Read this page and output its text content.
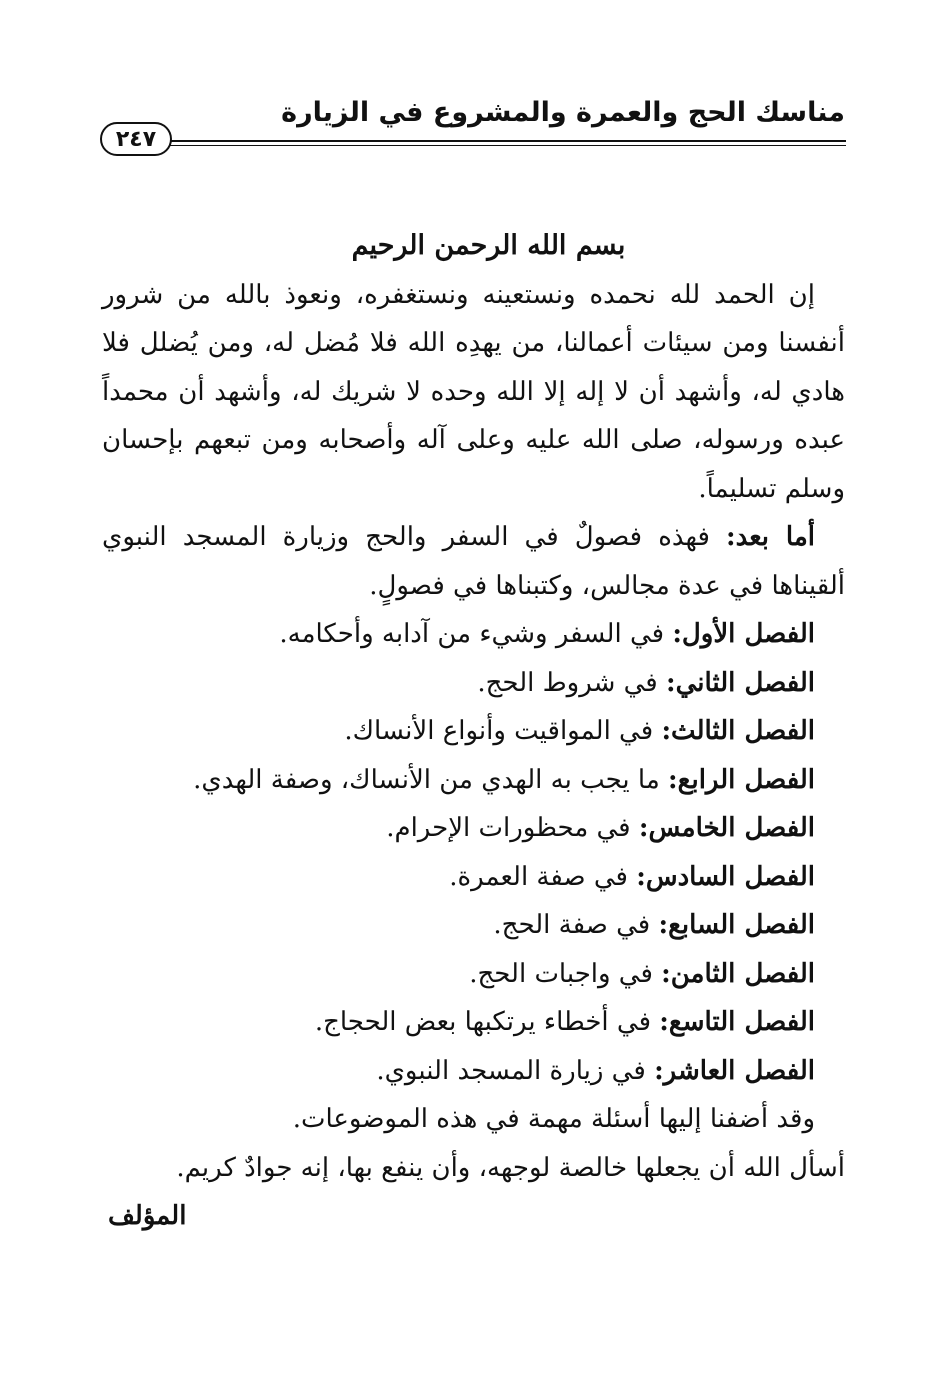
مناسك الحج والعمرة والمشروع في الزيارة
٢٤٧

بسم الله الرحمن الرحيم

إن الحمد لله نحمده ونستعينه ونستغفره، ونعوذ بالله من شرور أنفسنا ومن سيئات أعمالنا، من يهدِه الله فلا مُضل له، ومن يُضلل فلا هادي له، وأشهد أن لا إله إلا الله وحده لا شريك له، وأشهد أن محمداً عبده ورسوله، صلى الله عليه وعلى آله وأصحابه ومن تبعهم بإحسان وسلم تسليماً.

أما بعد: فهذه فصولٌ في السفر والحج وزيارة المسجد النبوي ألقيناها في عدة مجالس، وكتبناها في فصولٍ.

الفصل الأول: في السفر وشيء من آدابه وأحكامه.
الفصل الثاني: في شروط الحج.
الفصل الثالث: في المواقيت وأنواع الأنساك.
الفصل الرابع: ما يجب به الهدي من الأنساك، وصفة الهدي.
الفصل الخامس: في محظورات الإحرام.
الفصل السادس: في صفة العمرة.
الفصل السابع: في صفة الحج.
الفصل الثامن: في واجبات الحج.
الفصل التاسع: في أخطاء يرتكبها بعض الحجاج.
الفصل العاشر: في زيارة المسجد النبوي.

وقد أضفنا إليها أسئلة مهمة في هذه الموضوعات.

أسأل الله أن يجعلها خالصة لوجهه، وأن ينفع بها، إنه جوادٌ كريم.

المؤلف
